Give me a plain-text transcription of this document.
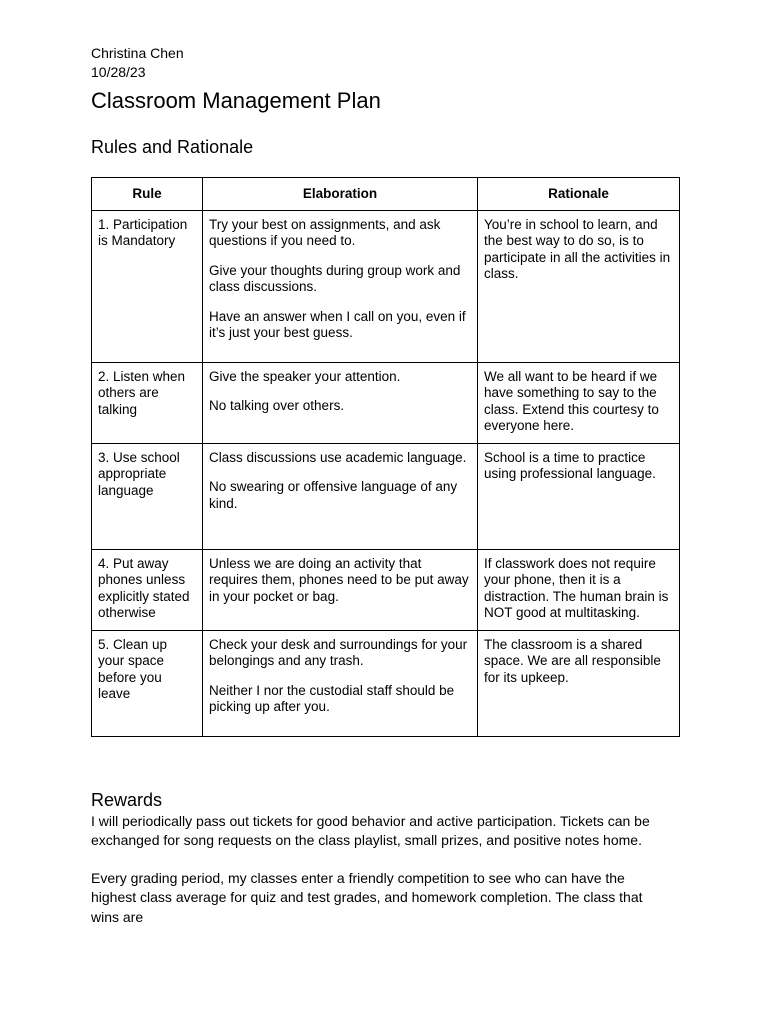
Christina Chen

10/28/23

Classroom Management Plan
Rules and Rationale
Rule	Elaboration	Rationale
1. Participation is Mandatory	Try your best on assignments, and ask questions if you need to.

Give your thoughts during group work and class discussions.

Have an answer when I call on you, even if it’s just your best guess.	You’re in school to learn, and the best way to do so, is to participate in all the activities in class.
2. Listen when others are talking	Give the speaker your attention.

No talking over others.	We all want to be heard if we have something to say to the class. Extend this courtesy to everyone here.
3. Use school appropriate language	Class discussions use academic language.

No swearing or offensive language of any kind.	School is a time to practice using professional language.
4. Put away phones unless explicitly stated otherwise	Unless we are doing an activity that requires them, phones need to be put away in your pocket or bag.	If classwork does not require your phone, then it is a distraction. The human brain is NOT good at multitasking.
5. Clean up your space before you leave	Check your desk and surroundings for your belongings and any trash.

Neither I nor the custodial staff should be picking up after you.	The classroom is a shared space. We are all responsible for its upkeep.
Rewards

I will periodically pass out tickets for good behavior and active participation. Tickets can be exchanged for song requests on the class playlist, small prizes, and positive notes home.

Every grading period, my classes enter a friendly competition to see who can have the highest class average for quiz and test grades, and homework completion. The class that wins are
